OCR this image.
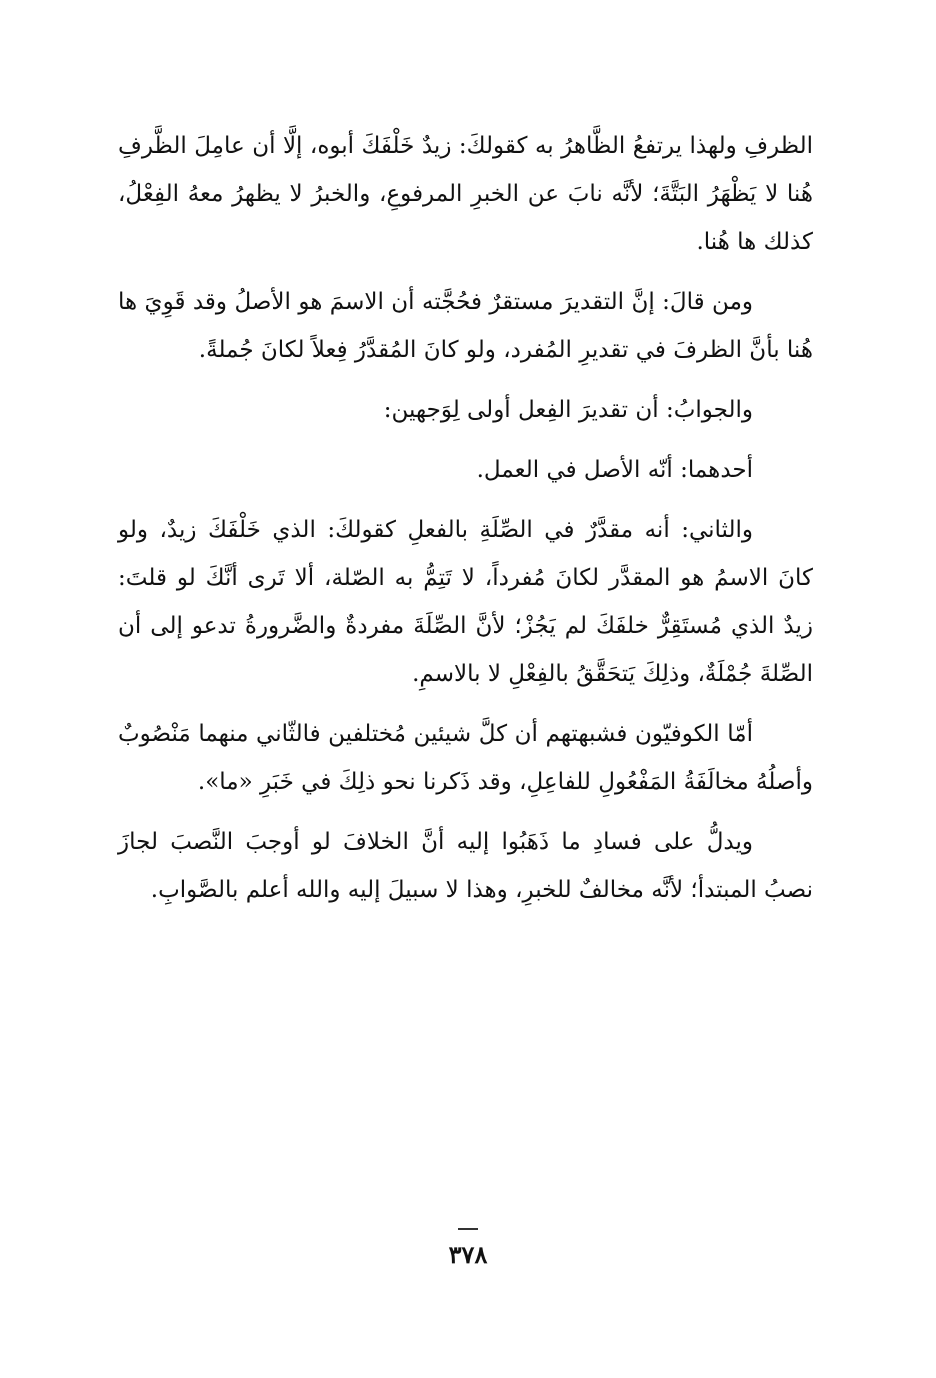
الظرفِ ولهذا يرتفعُ الظَّاهرُ به كقولكَ: زيدٌ خَلْفَكَ أبوه، إلَّا أن عامِلَ الظَّرفِ هُنا لا يَظْهَرُ البَتَّةَ؛ لأنَّه نابَ عن الخبرِ المرفوعِ، والخبرُ لا يظهرُ معهُ الفِعْلُ، كذلك ها هُنا.

ومن قالَ: إنَّ التقديرَ مستقرٌ فحُجَّته أن الاسمَ هو الأصلُ وقد قَوِيَ ها هُنا بأنَّ الظرفَ في تقديرِ المُفرد، ولو كانَ المُقدَّرُ فِعلاً لكانَ جُملةً.

والجوابُ: أن تقديرَ الفِعل أولى لِوَجهين:

أحدهما: أنّه الأصل في العمل.

والثاني: أنه مقدَّرٌ في الصِّلَةِ بالفعلِ كقولكَ: الذي خَلْفَكَ زيدٌ، ولو كانَ الاسمُ هو المقدَّر لكانَ مُفرداً، لا تَتِمُّ به الصّلة، ألا تَرى أنَّكَ لو قلتَ: زيدٌ الذي مُستَقِرٌّ خلفَكَ لم يَجُزْ؛ لأنَّ الصِّلَةَ مفردةٌ والضَّرورةُ تدعو إلى أن الصِّلةَ جُمْلَةٌ، وذلِكَ يَتحَقَّقُ بالفِعْلِ لا بالاسمِ.

أمّا الكوفيّون فشبهتهم أن كلَّ شيئين مُختلفين فالثّاني منهما مَنْصُوبٌ وأصلُهُ مخالَفَةُ المَفْعُولِ للفاعِلِ، وقد ذَكرنا نحو ذلِكَ في خَبَرِ «ما».

ويدلُّ على فسادِ ما ذَهَبُوا إليه أنَّ الخلافَ لو أوجبَ النَّصبَ لجازَ نصبُ المبتدأ؛ لأنَّه مخالفٌ للخبرِ، وهذا لا سبيلَ إليه والله أعلم بالصَّوابِ.

٣٧٨
